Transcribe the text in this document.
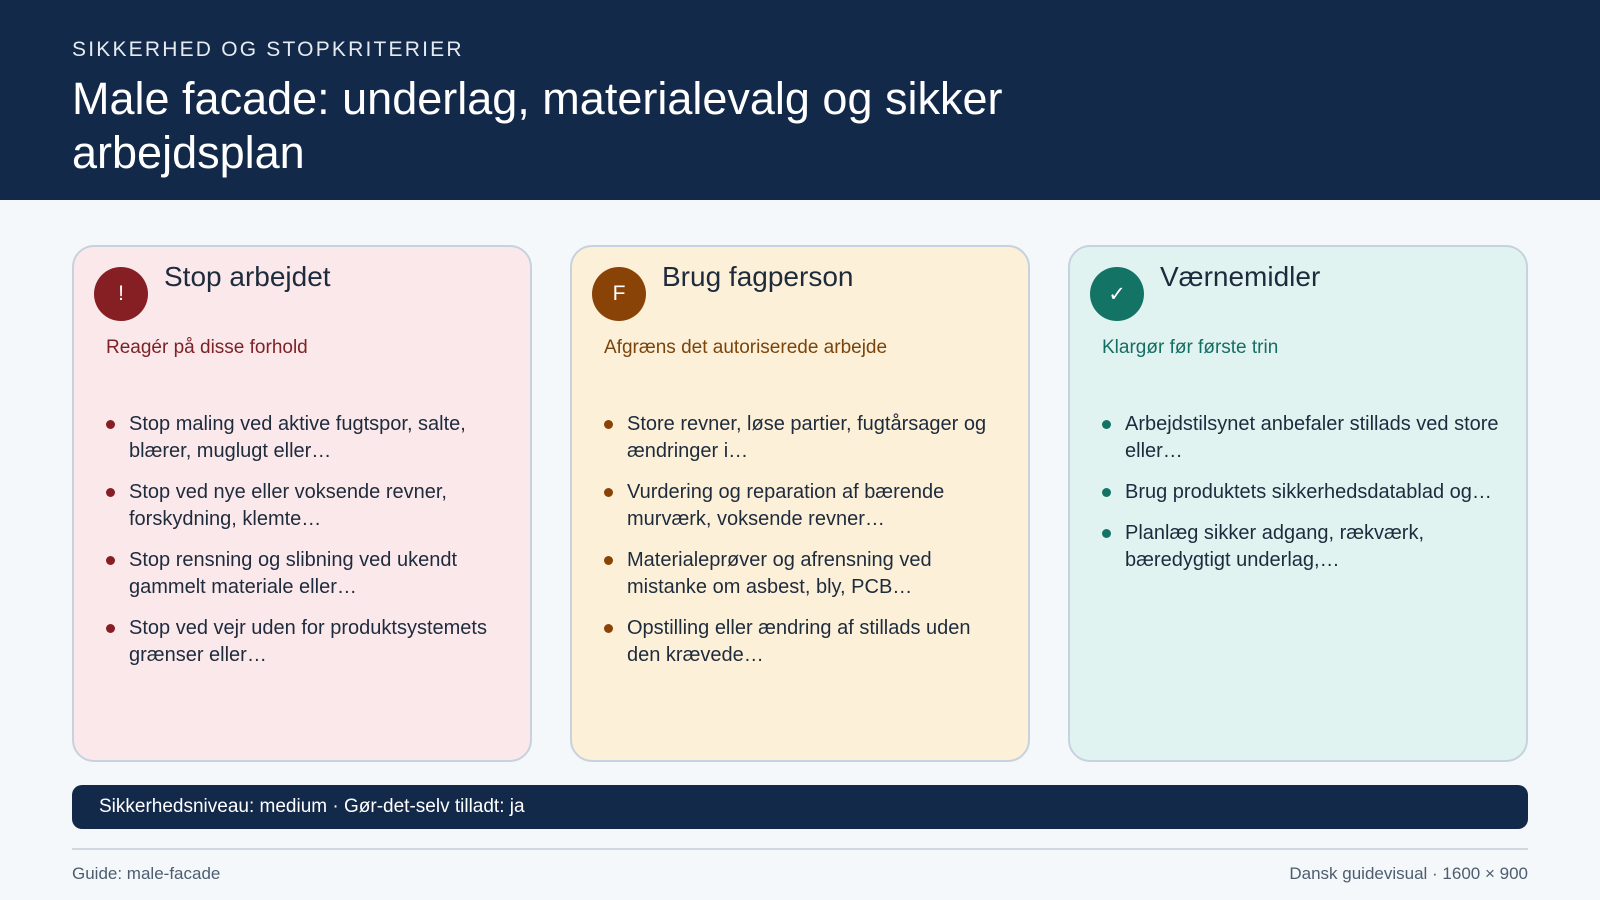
SIKKERHED OG STOPKRITERIER
Male facade: underlag, materialevalg og sikker arbejdsplan
!
Stop arbejdet
Reagér på disse forhold
Stop maling ved aktive fugtspor, salte, blærer, muglugt eller…
Stop ved nye eller voksende revner, forskydning, klemte…
Stop rensning og slibning ved ukendt gammelt materiale eller…
Stop ved vejr uden for produktsystemets grænser eller…
F
Brug fagperson
Afgræns det autoriserede arbejde
Store revner, løse partier, fugtårsager og ændringer i…
Vurdering og reparation af bærende murværk, voksende revner…
Materialeprøver og afrensning ved mistanke om asbest, bly, PCB…
Opstilling eller ændring af stillads uden den krævede…
✓
Værnemidler
Klargør før første trin
Arbejdstilsynet anbefaler stillads ved store eller…
Brug produktets sikkerhedsdatablad og…
Planlæg sikker adgang, rækværk, bæredygtigt underlag,…
Sikkerhedsniveau: medium · Gør-det-selv tilladt: ja
Guide: male-facade	Dansk guidevisual · 1600 × 900
